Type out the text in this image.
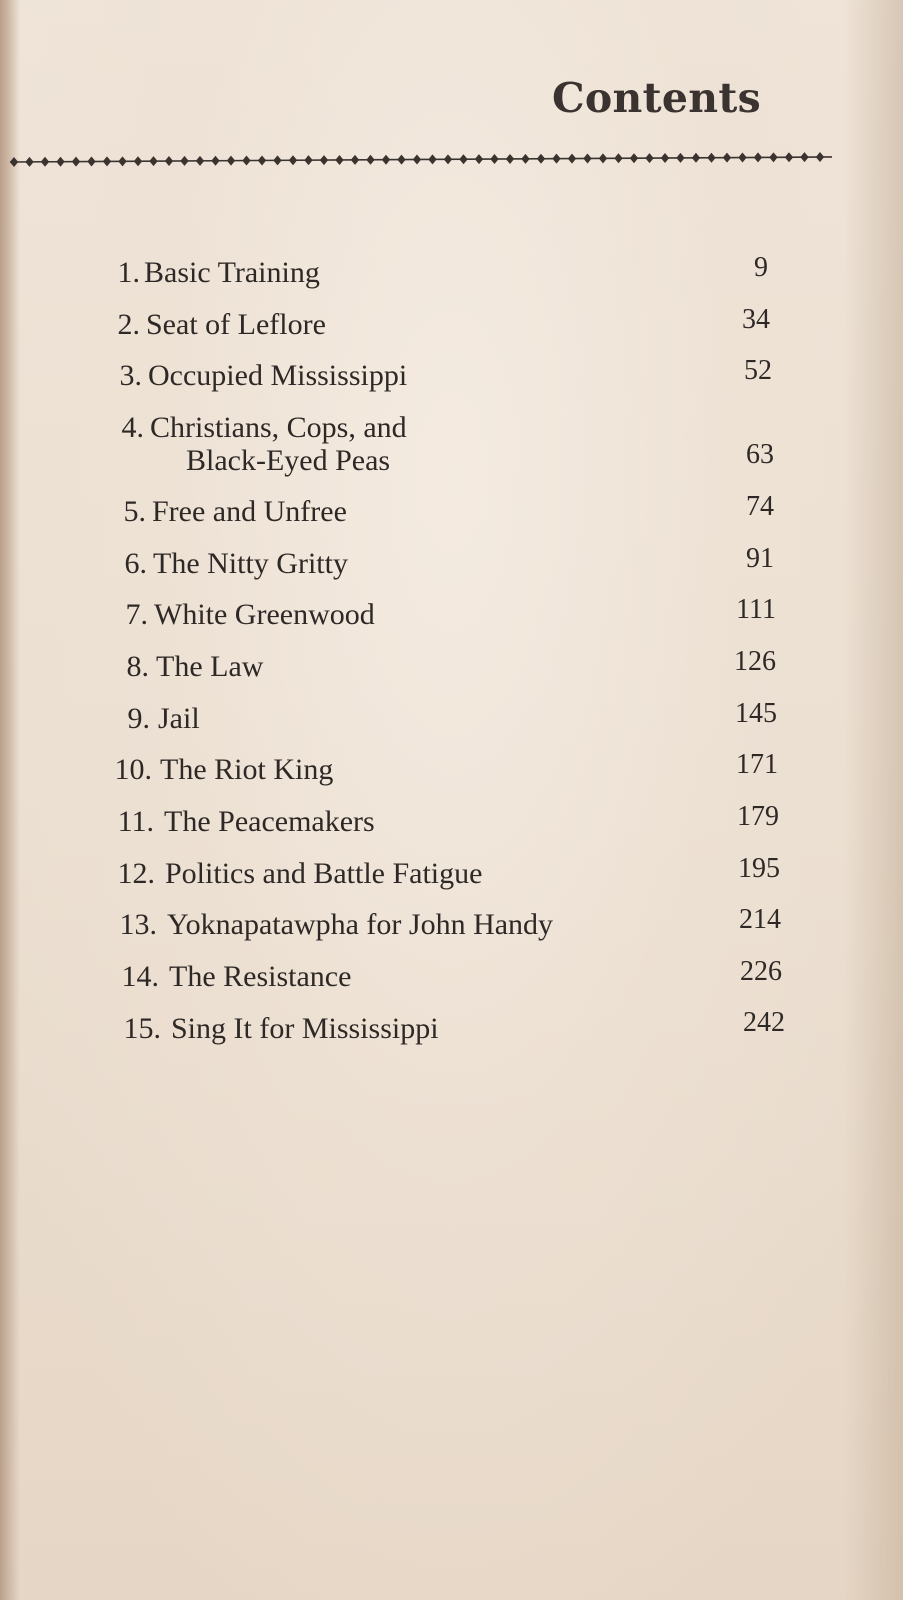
Contents
1. Basic Training	9
2. Seat of Leflore	34
3. Occupied Mississippi	52
4. Christians, Cops, and
Black-Eyed Peas	63
5. Free and Unfree	74
6. The Nitty Gritty	91
7. White Greenwood	111
8. The Law	126
9. Jail	145
10. The Riot King	171
11. The Peacemakers	179
12. Politics and Battle Fatigue	195
13. Yoknapatawpha for John Handy	214
14. The Resistance	226
15. Sing It for Mississippi	242
